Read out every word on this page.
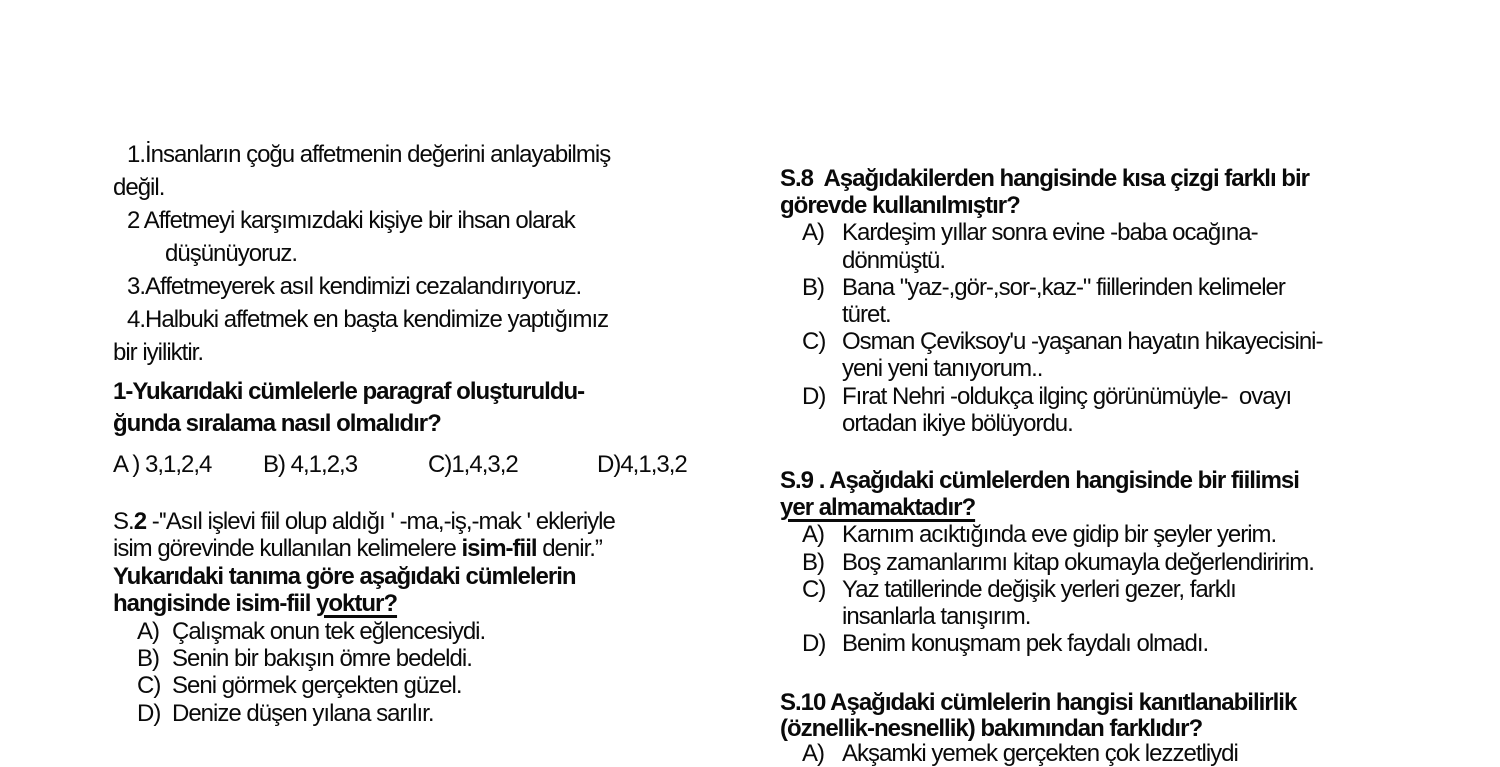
1.İnsanların çoğu affetmenin değerini anlayabilmiş
değil.
2 Affetmeyi karşımızdaki kişiye bir ihsan olarak
düşünüyoruz.
3.Affetmeyerek asıl kendimizi cezalandırıyoruz.
4.Halbuki affetmek en başta kendimize yaptığımız
bir iyiliktir.
1-Yukarıdaki cümlelerle paragraf oluşturuldu-
ğunda sıralama nasıl olmalıdır?
A ) 3,1,2,4 B) 4,1,2,3	C)1,4,3,2	D)4,1,3,2
S.2 -''Asıl işlevi fiil olup aldığı ' -ma,-iş,-mak ' ekleriyle
isim görevinde kullanılan kelimelere isim-fiil denir.”
Yukarıdaki tanıma göre aşağıdaki cümlelerin
hangisinde isim-fiil yoktur?
A) Çalışmak onun tek eğlencesiydi.
B) Senin bir bakışın ömre bedeldi.
C) Seni görmek gerçekten güzel.
D) Denize düşen yılana sarılır.
S.8  Aşağıdakilerden hangisinde kısa çizgi farklı bir
görevde kullanılmıştır?
A) Kardeşim yıllar sonra evine -baba ocağına-
dönmüştü.
B) Bana "yaz-,gör-,sor-,kaz-" fiillerinden kelimeler
türet.
C) Osman Çeviksoy'u -yaşanan hayatın hikayecisini-
yeni yeni tanıyorum..
D) Fırat Nehri -oldukça ilginç görünümüyle-  ovayı
ortadan ikiye bölüyordu.
S.9 . Aşağıdaki cümlelerden hangisinde bir fiilimsi
yer almamaktadır?
A) Karnım acıktığında eve gidip bir şeyler yerim.
B) Boş zamanlarımı kitap okumayla değerlendiririm.
C) Yaz tatillerinde değişik yerleri gezer, farklı
insanlarla tanışırım.
D) Benim konuşmam pek faydalı olmadı.
S.10 Aşağıdaki cümlelerin hangisi kanıtlanabilirlik
(öznellik-nesnellik) bakımından farklıdır?
A) Akşamki yemek gerçekten çok lezzetliydi
